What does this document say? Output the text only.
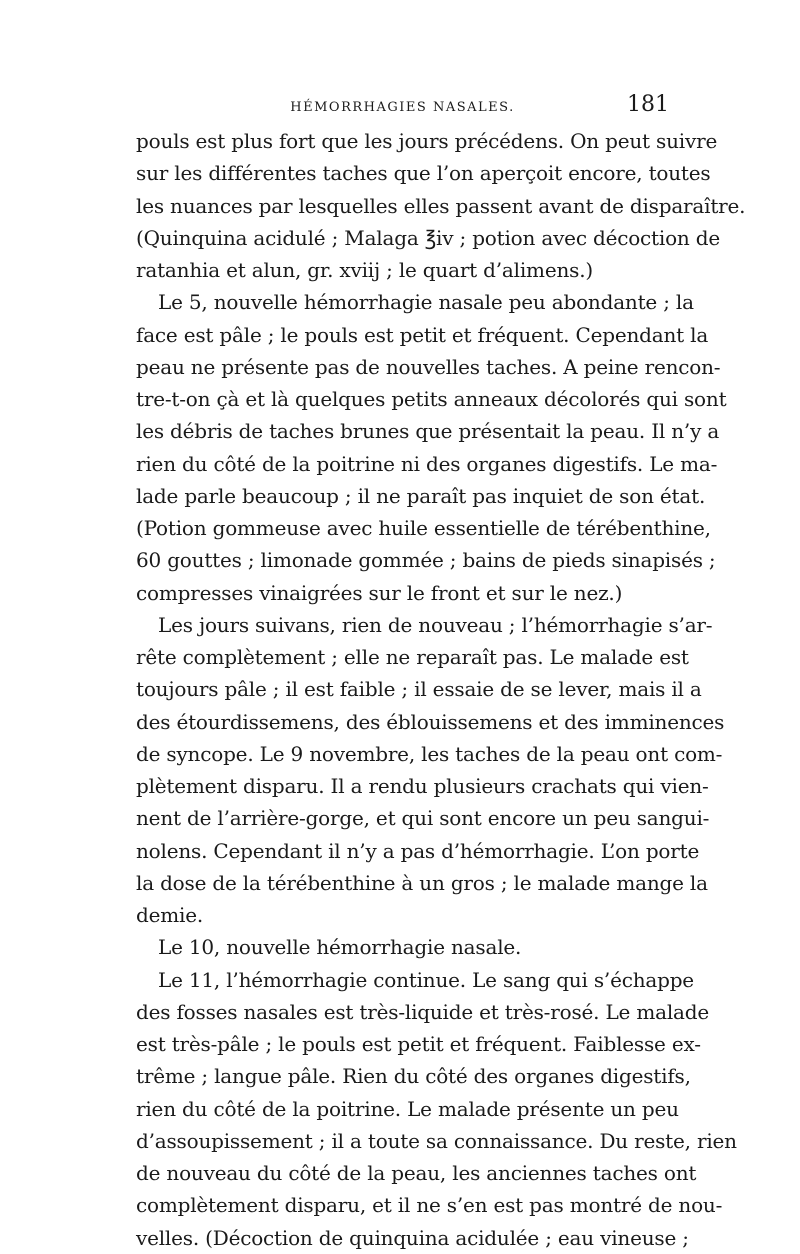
HÉMORRHAGIES NASALES.	181
pouls est plus fort que les jours précédens. On peut suivre
sur les différentes taches que l’on aperçoit encore, toutes
les nuances par lesquelles elles passent avant de disparaître.
(Quinquina acidulé ; Malaga ℥iv ; potion avec décoction de
ratanhia et alun, gr. xviij ; le quart d’alimens.)
Le 5, nouvelle hémorrhagie nasale peu abondante ; la
face est pâle ; le pouls est petit et fréquent. Cependant la
peau ne présente pas de nouvelles taches. A peine rencon-
tre-t-on çà et là quelques petits anneaux décolorés qui sont
les débris de taches brunes que présentait la peau. Il n’y a
rien du côté de la poitrine ni des organes digestifs. Le ma-
lade parle beaucoup ; il ne paraît pas inquiet de son état.
(Potion gommeuse avec huile essentielle de térébenthine,
60 gouttes ; limonade gommée ; bains de pieds sinapisés ;
compresses vinaigrées sur le front et sur le nez.)
Les jours suivans, rien de nouveau ; l’hémorrhagie s’ar-
rête complètement ; elle ne reparaît pas. Le malade est
toujours pâle ; il est faible ; il essaie de se lever, mais il a
des étourdissemens, des éblouissemens et des imminences
de syncope. Le 9 novembre, les taches de la peau ont com-
plètement disparu. Il a rendu plusieurs crachats qui vien-
nent de l’arrière-gorge, et qui sont encore un peu sangui-
nolens. Cependant il n’y a pas d’hémorrhagie. L’on porte
la dose de la térébenthine à un gros ; le malade mange la
demie.
Le 10, nouvelle hémorrhagie nasale.
Le 11, l’hémorrhagie continue. Le sang qui s’échappe
des fosses nasales est très-liquide et très-rosé. Le malade
est très-pâle ; le pouls est petit et fréquent. Faiblesse ex-
trême ; langue pâle. Rien du côté des organes digestifs,
rien du côté de la poitrine. Le malade présente un peu
d’assoupissement ; il a toute sa connaissance. Du reste, rien
de nouveau du côté de la peau, les anciennes taches ont
complètement disparu, et il ne s’en est pas montré de nou-
velles. (Décoction de quinquina acidulée ; eau vineuse ;
